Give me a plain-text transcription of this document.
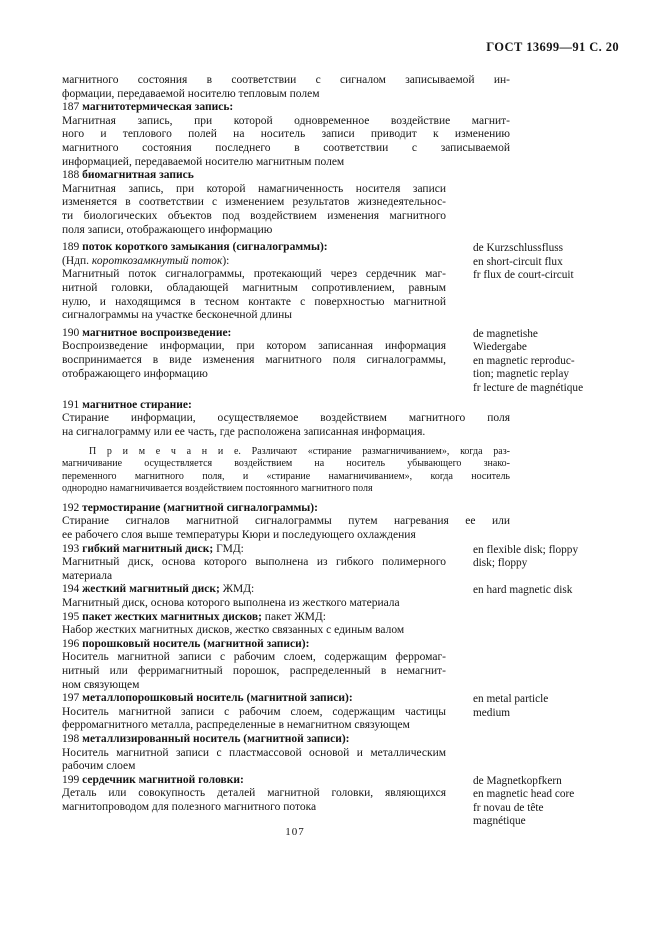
ГОСТ 13699—91 С. 20
магнитного состояния в соответствии с сигналом записываемой ин-
формации, передаваемой носителю тепловым полем
187 магнитотермическая запись:
Магнитная запись, при которой одновременное воздействие магнит-
ного и теплового полей на носитель записи приводит к изменению
магнитного состояния последнего в соответствии с записываемой
информацией, передаваемой носителю магнитным полем
188 биомагнитная запись
Магнитная запись, при которой намагниченность носителя записи
изменяется в соответствии с изменением результатов жизнедеятельнос-
ти биологических объектов под воздействием изменения магнитного
поля записи, отображающего информацию
189 поток короткого замыкания (сигналограммы):
(Ндп. короткозамкнутый поток):
Магнитный поток сигналограммы, протекающий через сердечник маг-
нитной головки, обладающей магнитным сопротивлением, равным
нулю, и находящимся в тесном контакте с поверхностью магнитной
сигналограммы на участке бесконечной длины
de Kurzschlussfluss
en short-circuit flux
fr flux de court-circuit
190 магнитное воспроизведение:
Воспроизведение информации, при котором записанная информация
воспринимается в виде изменения магнитного поля сигналограммы,
отображающего информацию
de magnetishe
Wiedergabe
en magnetic reproduc-
tion; magnetic replay
fr lecture de magnétique
191 магнитное стирание:
Стирание информации, осуществляемое воздействием магнитного поля
на сигналограмму или ее часть, где расположена записанная информация.
П р и м е ч а н и е. Различают «стирание размагничиванием», когда раз-
магничивание осуществляется воздействием на носитель убывающего знако-
переменного магнитного поля, и «стирание намагничиванием», когда носитель
однородно намагничивается воздействием постоянного магнитного поля
192 термостирание (магнитной сигналограммы):
Стирание сигналов магнитной сигналограммы путем нагревания ее или
ее рабочего слоя выше температуры Кюри и последующего охлаждения
193 гибкий магнитный диск; ГМД:
Магнитный диск, основа которого выполнена из гибкого полимерного
материала
en flexible disk; floppy
disk; floppy
194 жесткий магнитный диск; ЖМД:
Магнитный диск, основа которого выполнена из жесткого материала
en hard magnetic disk
195 пакет жестких магнитных дисков; пакет ЖМД:
Набор жестких магнитных дисков, жестко связанных с единым валом
196 порошковый носитель (магнитной записи):
Носитель магнитной записи с рабочим слоем, содержащим ферромаг-
нитный или ферримагнитный порошок, распределенный в немагнит-
ном связующем
197 металлопорошковый носитель (магнитной записи):
Носитель магнитной записи с рабочим слоем, содержащим частицы
ферромагнитного металла, распределенные в немагнитном связующем
en metal particle
medium
198 металлизированный носитель (магнитной записи):
Носитель магнитной записи с пластмассовой основой и металлическим
рабочим слоем
199 сердечник магнитной головки:
Деталь или совокупность деталей магнитной головки, являющихся
магнитопроводом для полезного магнитного потока
de Magnetkopfkern
en magnetic head core
fr novau de tête
magnétique
107
